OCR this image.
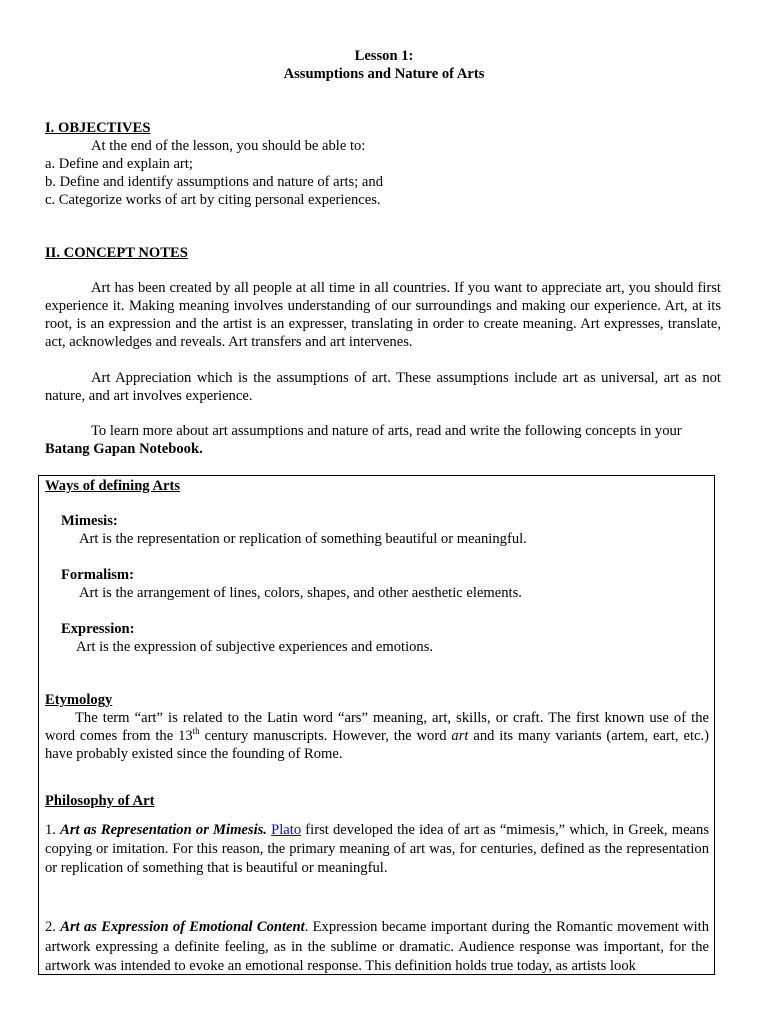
Lesson 1:
Assumptions and Nature of Arts
I. OBJECTIVES
At the end of the lesson, you should be able to:
a. Define and explain art;
b. Define and identify assumptions and nature of arts; and
c. Categorize works of art by citing personal experiences.
II. CONCEPT NOTES
Art has been created by all people at all time in all countries. If you want to appreciate art, you should first experience it. Making meaning involves understanding of our surroundings and making our experience. Art, at its root, is an expression and the artist is an expresser, translating in order to create meaning. Art expresses, translate, act, acknowledges and reveals. Art transfers and art intervenes.
Art Appreciation which is the assumptions of art. These assumptions include art as universal, art as not nature, and art involves experience.
To learn more about art assumptions and nature of arts, read and write the following concepts in your
Batang Gapan Notebook.
Ways of defining Arts
Mimesis:
Art is the representation or replication of something beautiful or meaningful.
Formalism:
Art is the arrangement of lines, colors, shapes, and other aesthetic elements.
Expression:
Art is the expression of subjective experiences and emotions.
Etymology
The term “art” is related to the Latin word “ars” meaning, art, skills, or craft. The first known use of the word comes from the 13th century manuscripts. However, the word art and its many variants (artem, eart, etc.) have probably existed since the founding of Rome.
Philosophy of Art
1. Art as Representation or Mimesis. Plato first developed the idea of art as “mimesis,” which, in Greek, means copying or imitation. For this reason, the primary meaning of art was, for centuries, defined as the representation or replication of something that is beautiful or meaningful.
2. Art as Expression of Emotional Content. Expression became important during the Romantic movement with artwork expressing a definite feeling, as in the sublime or dramatic. Audience response was important, for the artwork was intended to evoke an emotional response. This definition holds true today, as artists look
